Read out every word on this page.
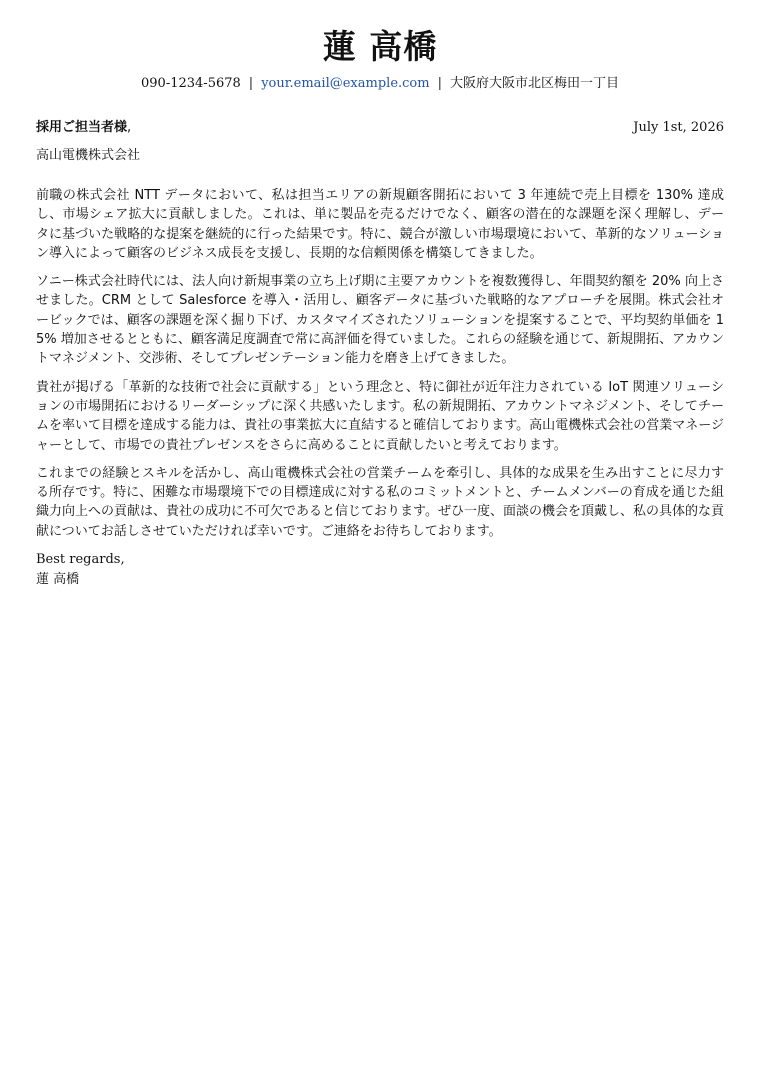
蓮 高橋
090-1234-5678 | your.email@example.com | 大阪府大阪市北区梅田一丁目
採用ご担当者様,	July 1st, 2026
高山電機株式会社

前職の株式会社 NTT データにおいて、私は担当エリアの新規顧客開拓において 3 年連続で売上目標を 130% 達成し、市場シェア拡大に貢献しました。これは、単に製品を売るだけでなく、顧客の潜在的な課題を深く理解し、データに基づいた戦略的な提案を継続的に行った結果です。特に、競合が激しい市場環境において、革新的なソリューション導入によって顧客のビジネス成長を支援し、長期的な信頼関係を構築してきました。

ソニー株式会社時代には、法人向け新規事業の立ち上げ期に主要アカウントを複数獲得し、年間契約額を 20% 向上させました。CRM として Salesforce を導入・活用し、顧客データに基づいた戦略的なアプローチを展開。株式会社オービックでは、顧客の課題を深く掘り下げ、カスタマイズされたソリューションを提案することで、平均契約単価を 15% 増加させるとともに、顧客満足度調査で常に高評価を得ていました。これらの経験を通じて、新規開拓、アカウントマネジメント、交渉術、そしてプレゼンテーション能力を磨き上げてきました。

貴社が掲げる「革新的な技術で社会に貢献する」という理念と、特に御社が近年注力されている IoT 関連ソリューションの市場開拓におけるリーダーシップに深く共感いたします。私の新規開拓、アカウントマネジメント、そしてチームを率いて目標を達成する能力は、貴社の事業拡大に直結すると確信しております。高山電機株式会社の営業マネージャーとして、市場での貴社プレゼンスをさらに高めることに貢献したいと考えております。

これまでの経験とスキルを活かし、高山電機株式会社の営業チームを牽引し、具体的な成果を生み出すことに尽力する所存です。特に、困難な市場環境下での目標達成に対する私のコミットメントと、チームメンバーの育成を通じた組織力向上への貢献は、貴社の成功に不可欠であると信じております。ぜひ一度、面談の機会を頂戴し、私の具体的な貢献についてお話しさせていただければ幸いです。ご連絡をお待ちしております。

Best regards,
蓮 高橋
